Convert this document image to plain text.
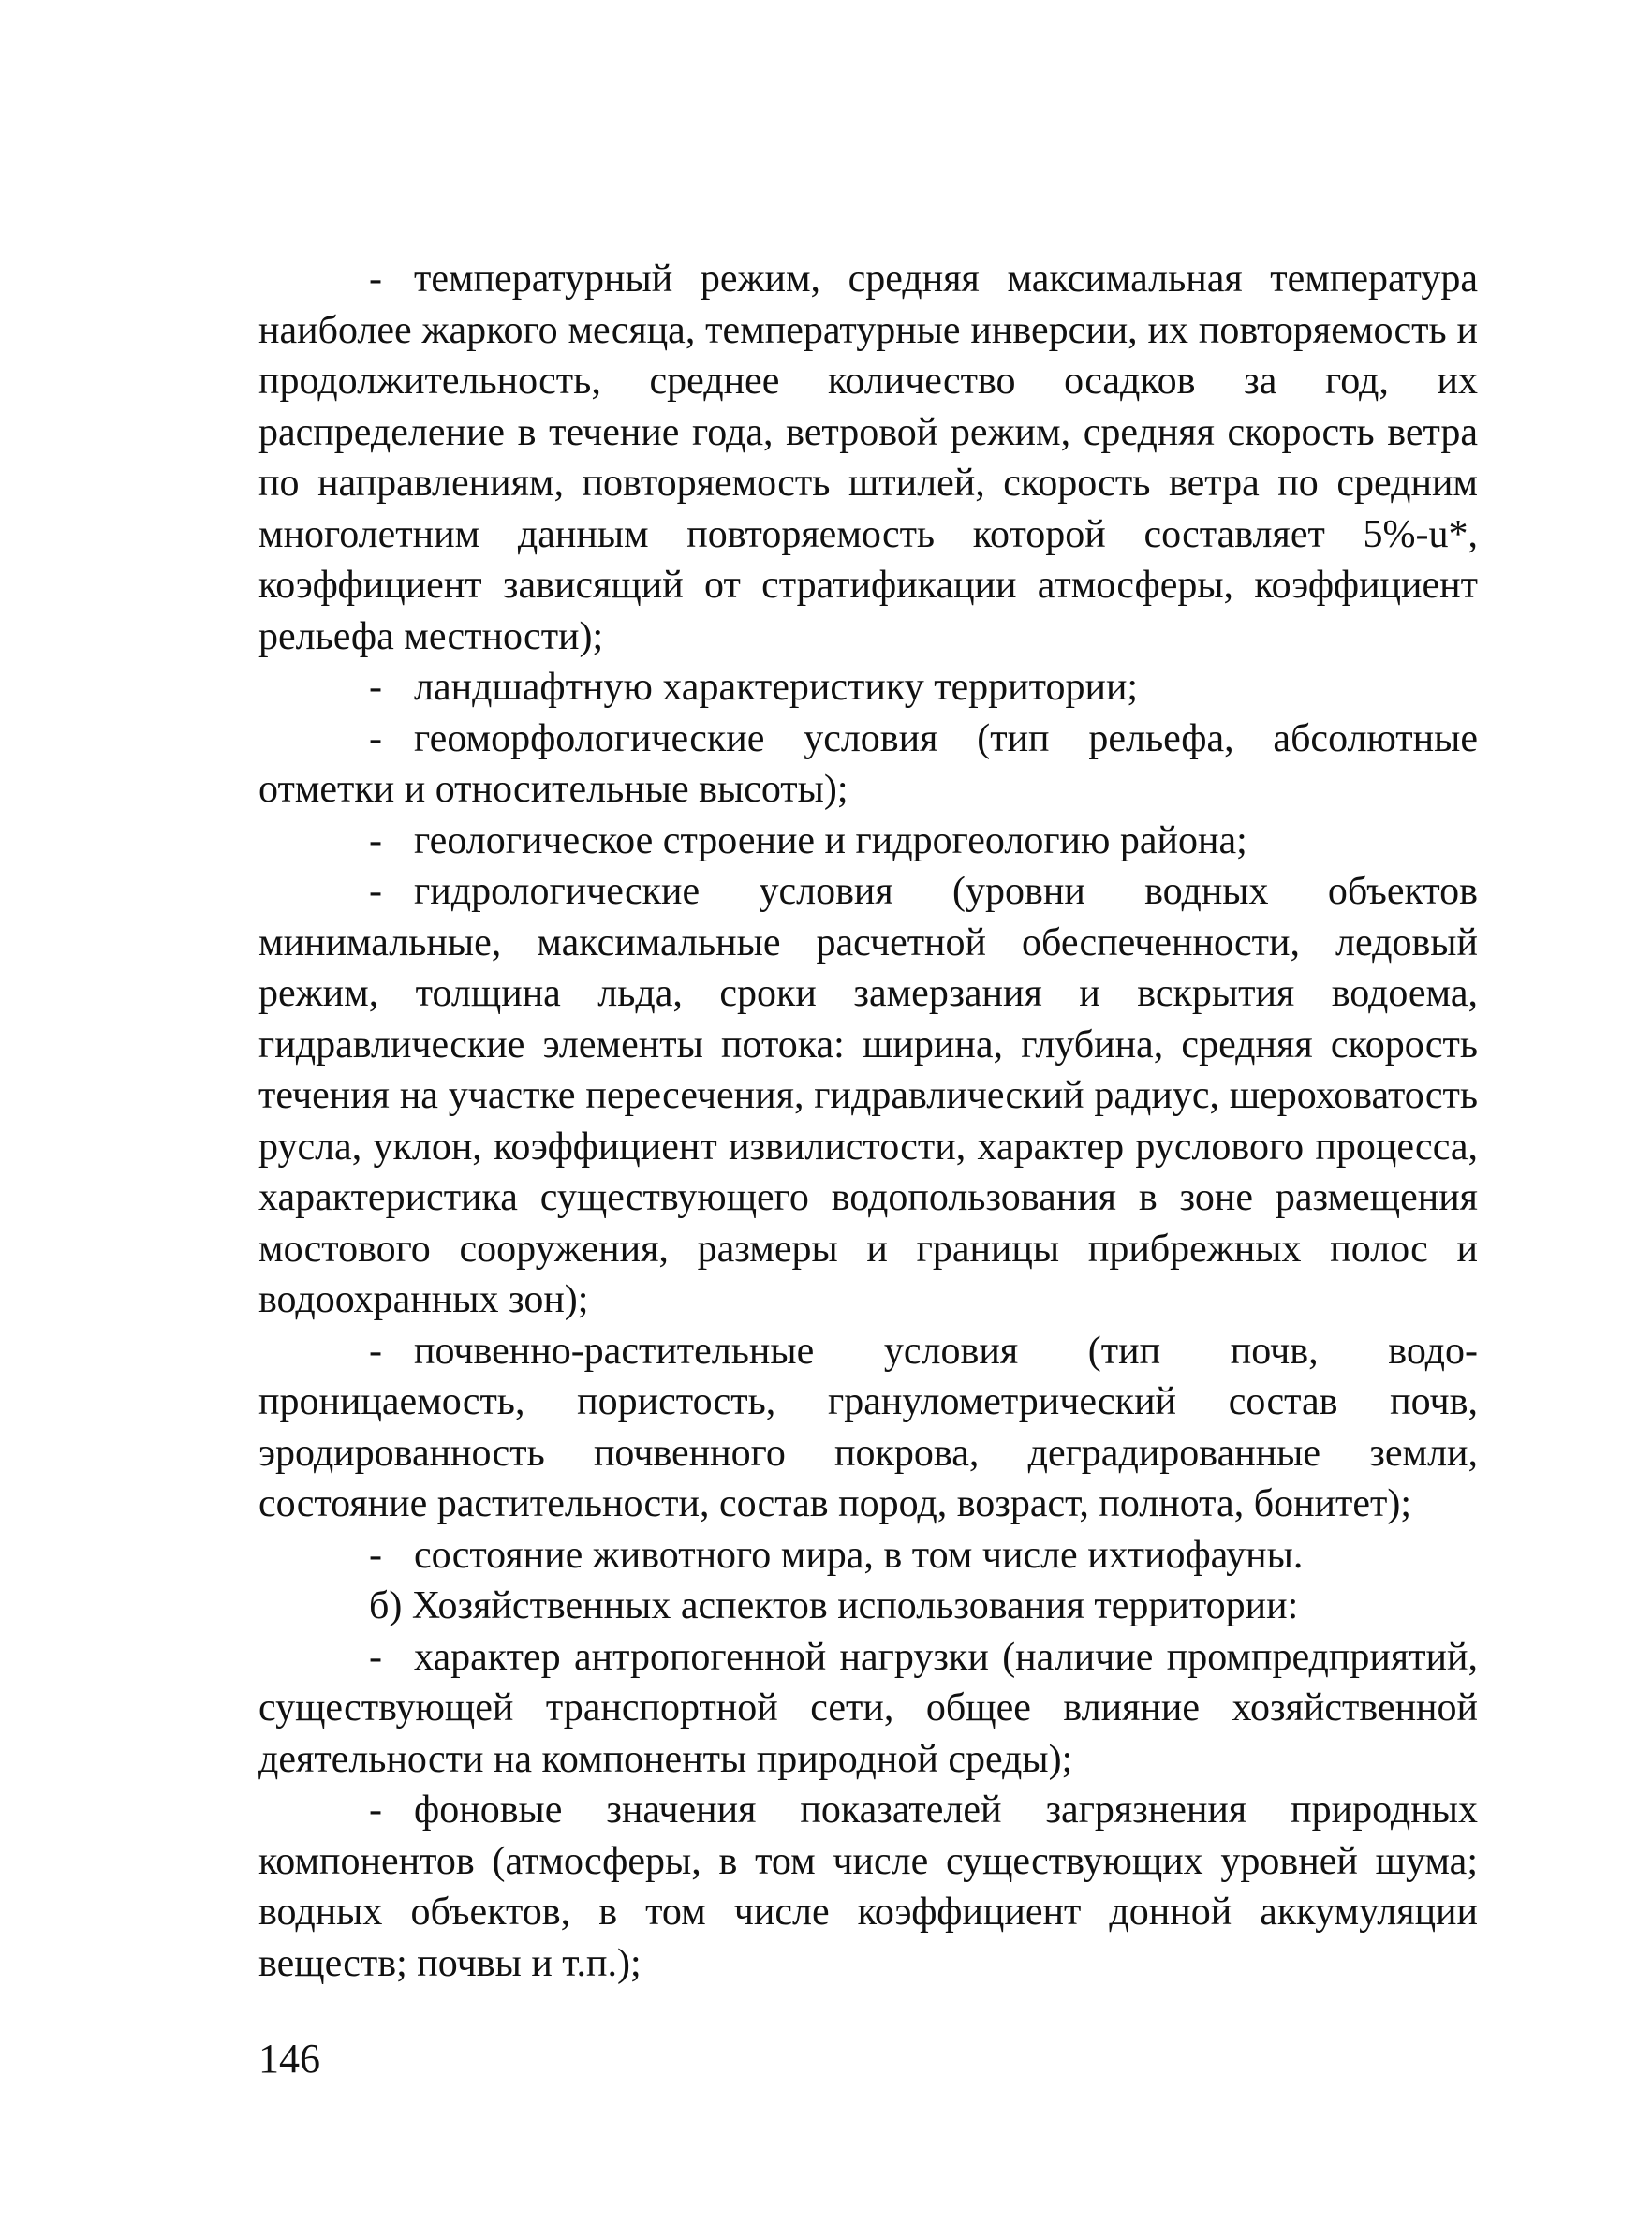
- температурный режим, средняя максимальная температура наиболее жаркого месяца, температурные инверсии, их повторяемость и продолжительность, среднее количество осадков за год, их распределение в течение года, ветровой режим, средняя скорость ветра по направлениям, повторяемость штилей, скорость ветра по средним многолетним данным повторяемость которой составляет 5%-u*, коэффициент зависящий от стратификации атмосферы, коэффициент рельефа местности);

- ландшафтную характеристику территории;

- геоморфологические условия (тип рельефа, абсолютные отметки и относительные высоты);

- геологическое строение и гидрогеологию района;

- гидрологические условия (уровни водных объектов минимальные, максимальные расчетной обеспеченности, ледовый режим, толщина льда, сроки замерзания и вскрытия водоема, гидравлические элементы потока: ширина, глубина, средняя скорость течения на участке пересечения, гидравлический радиус, шероховатость русла, уклон, коэффициент извилистости, характер руслового процесса, характеристика существующего водопользования в зоне размещения мостового сооружения, размеры и границы прибрежных полос и водоохранных зон);

- почвенно-растительные условия (тип почв, водопроницаемость, пористость, гранулометрический состав почв, эродированность почвенного покрова, деградированные земли, состояние растительности, состав пород, возраст, полнота, бонитет);

- состояние животного мира, в том числе ихтиофауны.

б) Хозяйственных аспектов использования территории:

- характер антропогенной нагрузки (наличие промпредприятий, существующей транспортной сети, общее влияние хозяйственной деятельности на компоненты природной среды);

- фоновые значения показателей загрязнения природных компонентов (атмосферы, в том числе существующих уровней шума; водных объектов, в том числе коэффициент донной аккумуляции веществ; почвы и т.п.);

146
